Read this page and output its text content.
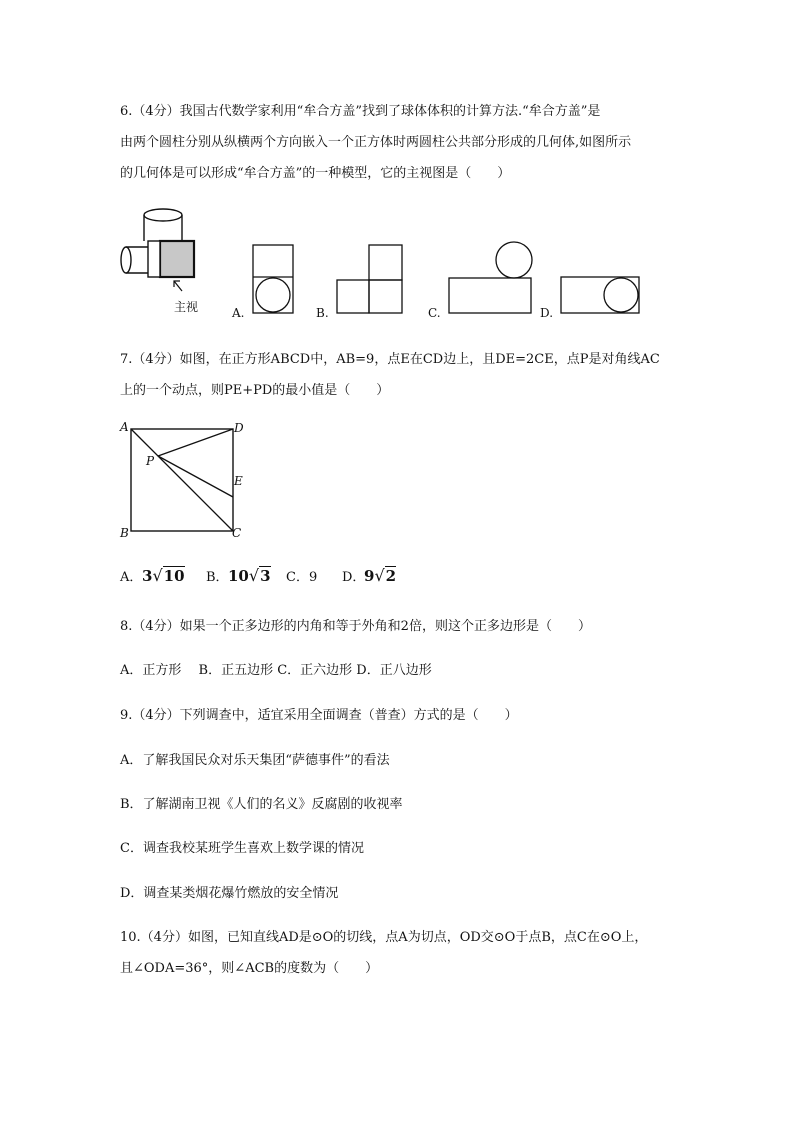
6.（4分）我国古代数学家利用“牟合方盖”找到了球体体积的计算方法.“牟合方盖”是
由两个圆柱分别从纵横两个方向嵌入一个正方体时两圆柱公共部分形成的几何体,如图所示
的几何体是可以形成“牟合方盖”的一种模型，它的主视图是（　　）
主视	A.	B.	C.	D.
7.（4分）如图，在正方形ABCD中，AB=9，点E在CD边上，且DE=2CE，点P是对角线AC
上的一个动点，则PE+PD的最小值是（　　）
A	D
P
E
B	C
A． 3√10 B． 10√3 C．9 D．
9√2
8.（4分）如果一个正多边形的内角和等于外角和2倍，则这个正多边形是（　　）
A．正方形　 B．正五边形 C．正六边形 D．正八边形
9.（4分）下列调查中，适宜采用全面调查（普查）方式的是（　　）
A．了解我国民众对乐天集团“萨德事件”的看法
B．了解湖南卫视《人们的名义》反腐剧的收视率
C．调查我校某班学生喜欢上数学课的情况
D．调查某类烟花爆竹燃放的安全情况
10.（4分）如图，已知直线AD是⊙O的切线，点A为切点，OD交⊙O于点B，点C在⊙O上，
且∠ODA=36°，则∠ACB的度数为（　　）
